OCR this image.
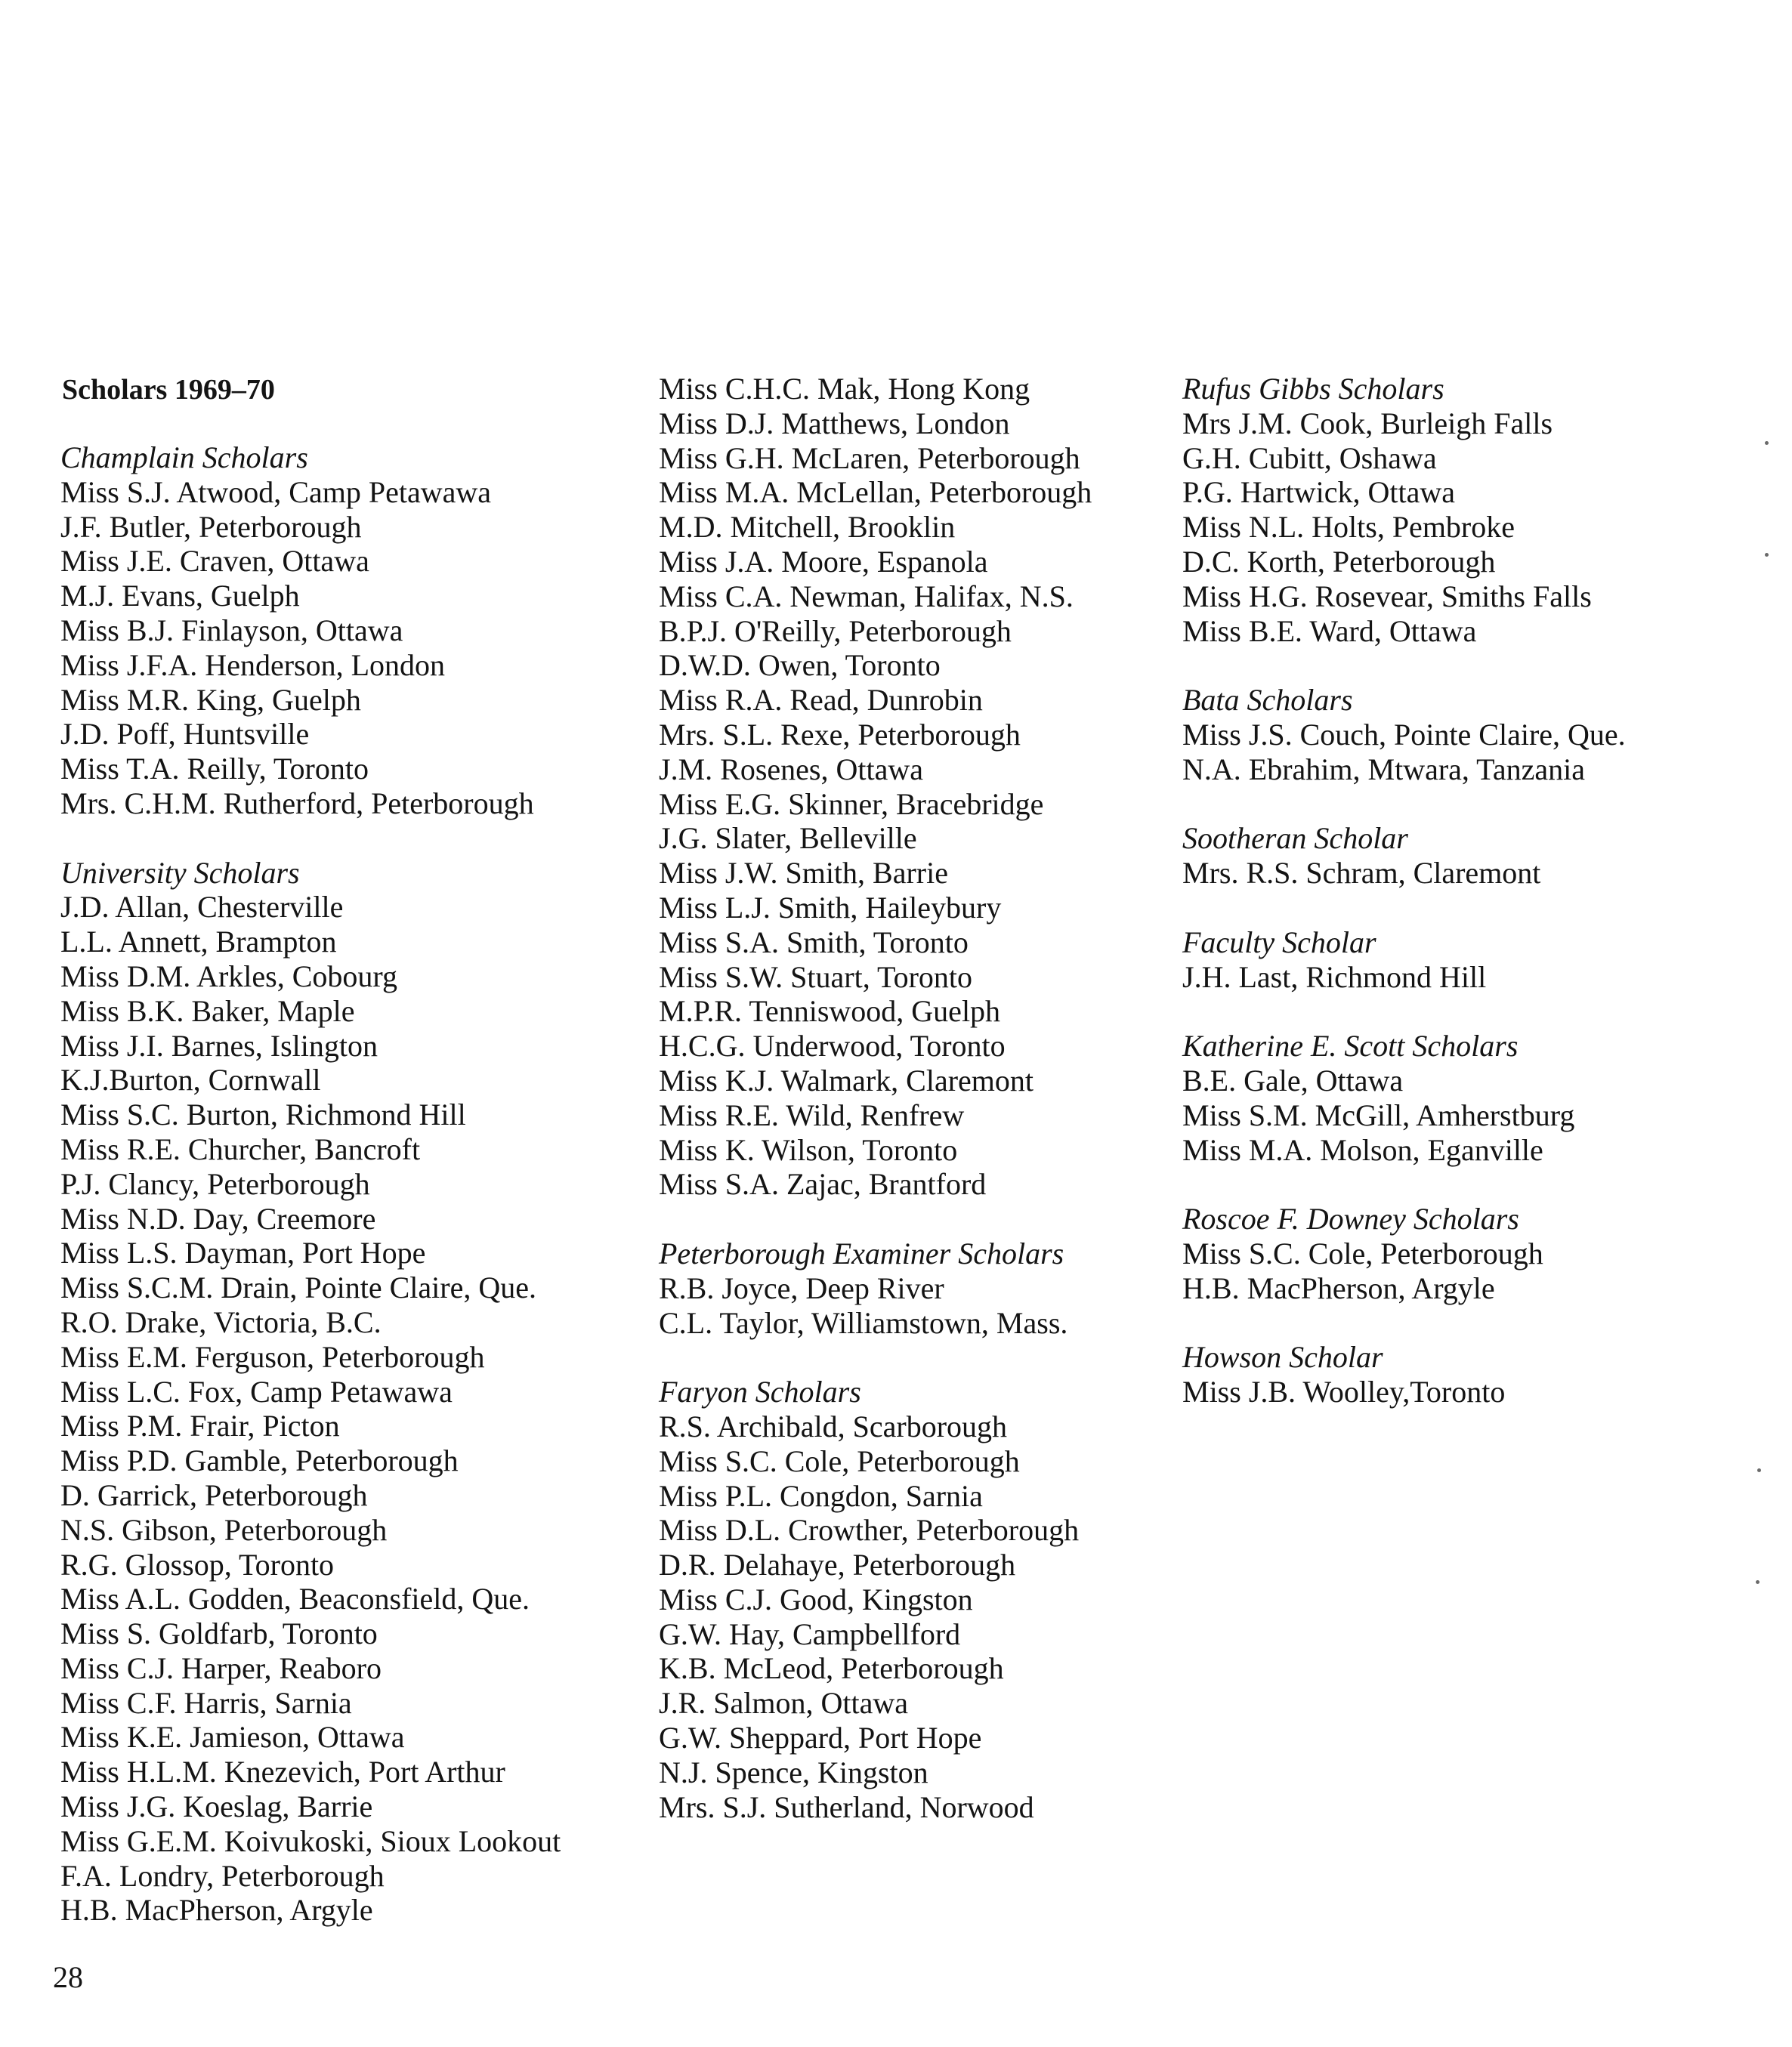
Scholars 1969–70
Champlain Scholars
Miss S.J. Atwood, Camp Petawawa
J.F. Butler, Peterborough
Miss J.E. Craven, Ottawa
M.J. Evans, Guelph
Miss B.J. Finlayson, Ottawa
Miss J.F.A. Henderson, London
Miss M.R. King, Guelph
J.D. Poff, Huntsville
Miss T.A. Reilly, Toronto
Mrs. C.H.M. Rutherford, Peterborough
University Scholars
J.D. Allan, Chesterville
L.L. Annett, Brampton
Miss D.M. Arkles, Cobourg
Miss B.K. Baker, Maple
Miss J.I. Barnes, Islington
K.J.Burton, Cornwall
Miss S.C. Burton, Richmond Hill
Miss R.E. Churcher, Bancroft
P.J. Clancy, Peterborough
Miss N.D. Day, Creemore
Miss L.S. Dayman, Port Hope
Miss S.C.M. Drain, Pointe Claire, Que.
R.O. Drake, Victoria, B.C.
Miss E.M. Ferguson, Peterborough
Miss L.C. Fox, Camp Petawawa
Miss P.M. Frair, Picton
Miss P.D. Gamble, Peterborough
D. Garrick, Peterborough
N.S. Gibson, Peterborough
R.G. Glossop, Toronto
Miss A.L. Godden, Beaconsfield, Que.
Miss S. Goldfarb, Toronto
Miss C.J. Harper, Reaboro
Miss C.F. Harris, Sarnia
Miss K.E. Jamieson, Ottawa
Miss H.L.M. Knezevich, Port Arthur
Miss J.G. Koeslag, Barrie
Miss G.E.M. Koivukoski, Sioux Lookout
F.A. Londry, Peterborough
H.B. MacPherson, Argyle
Miss C.H.C. Mak, Hong Kong
Miss D.J. Matthews, London
Miss G.H. McLaren, Peterborough
Miss M.A. McLellan, Peterborough
M.D. Mitchell, Brooklin
Miss J.A. Moore, Espanola
Miss C.A. Newman, Halifax, N.S.
B.P.J. O'Reilly, Peterborough
D.W.D. Owen, Toronto
Miss R.A. Read, Dunrobin
Mrs. S.L. Rexe, Peterborough
J.M. Rosenes, Ottawa
Miss E.G. Skinner, Bracebridge
J.G. Slater, Belleville
Miss J.W. Smith, Barrie
Miss L.J. Smith, Haileybury
Miss S.A. Smith, Toronto
Miss S.W. Stuart, Toronto
M.P.R. Tenniswood, Guelph
H.C.G. Underwood, Toronto
Miss K.J. Walmark, Claremont
Miss R.E. Wild, Renfrew
Miss K. Wilson, Toronto
Miss S.A. Zajac, Brantford
Peterborough Examiner Scholars
R.B. Joyce, Deep River
C.L. Taylor, Williamstown, Mass.
Faryon Scholars
R.S. Archibald, Scarborough
Miss S.C. Cole, Peterborough
Miss P.L. Congdon, Sarnia
Miss D.L. Crowther, Peterborough
D.R. Delahaye, Peterborough
Miss C.J. Good, Kingston
G.W. Hay, Campbellford
K.B. McLeod, Peterborough
J.R. Salmon, Ottawa
G.W. Sheppard, Port Hope
N.J. Spence, Kingston
Mrs. S.J. Sutherland, Norwood
Rufus Gibbs Scholars
Mrs J.M. Cook, Burleigh Falls
G.H. Cubitt, Oshawa
P.G. Hartwick, Ottawa
Miss N.L. Holts, Pembroke
D.C. Korth, Peterborough
Miss H.G. Rosevear, Smiths Falls
Miss B.E. Ward, Ottawa
Bata Scholars
Miss J.S. Couch, Pointe Claire, Que.
N.A. Ebrahim, Mtwara, Tanzania
Sootheran Scholar
Mrs. R.S. Schram, Claremont
Faculty Scholar
J.H. Last, Richmond Hill
Katherine E. Scott Scholars
B.E. Gale, Ottawa
Miss S.M. McGill, Amherstburg
Miss M.A. Molson, Eganville
Roscoe F. Downey Scholars
Miss S.C. Cole, Peterborough
H.B. MacPherson, Argyle
Howson Scholar
Miss J.B. Woolley,Toronto
28
